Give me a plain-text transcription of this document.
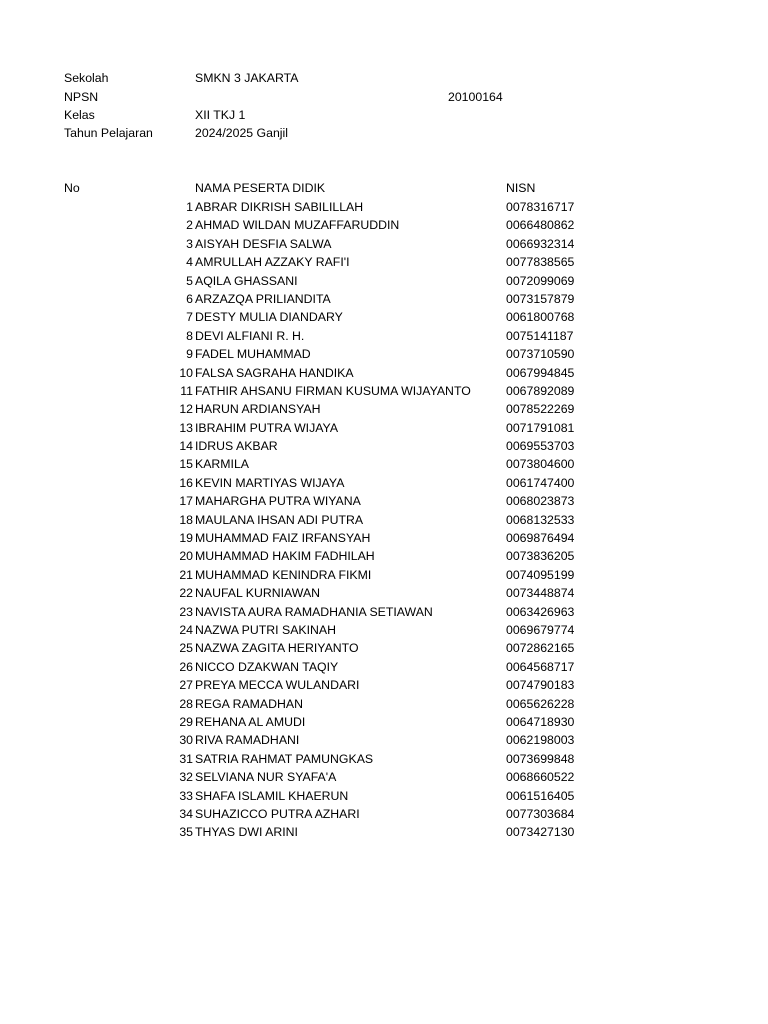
Sekolah	SMKN 3 JAKARTA
NPSN	20100164
Kelas	XII TKJ 1
Tahun Pelajaran	2024/2025 Ganjil
No	NAMA PESERTA DIDIK	NISN
1 ABRAR DIKRISH SABILILLAH	0078316717
2 AHMAD WILDAN MUZAFFARUDDIN	0066480862
3 AISYAH DESFIA SALWA	0066932314
4 AMRULLAH AZZAKY RAFI'I	0077838565
5 AQILA GHASSANI	0072099069
6 ARZAZQA PRILIANDITA	0073157879
7 DESTY MULIA DIANDARY	0061800768
8 DEVI ALFIANI R. H.	0075141187
9 FADEL MUHAMMAD	0073710590
10 FALSA SAGRAHA HANDIKA	0067994845
11 FATHIR AHSANU FIRMAN KUSUMA WIJAYANTO	0067892089
12 HARUN ARDIANSYAH	0078522269
13 IBRAHIM PUTRA WIJAYA	0071791081
14 IDRUS AKBAR	0069553703
15 KARMILA	0073804600
16 KEVIN MARTIYAS WIJAYA	0061747400
17 MAHARGHA PUTRA WIYANA	0068023873
18 MAULANA IHSAN ADI PUTRA	0068132533
19 MUHAMMAD FAIZ IRFANSYAH	0069876494
20 MUHAMMAD HAKIM FADHILAH	0073836205
21 MUHAMMAD KENINDRA FIKMI	0074095199
22 NAUFAL KURNIAWAN	0073448874
23 NAVISTA AURA RAMADHANIA SETIAWAN	0063426963
24 NAZWA PUTRI SAKINAH	0069679774
25 NAZWA ZAGITA HERIYANTO	0072862165
26 NICCO DZAKWAN TAQIY	0064568717
27 PREYA MECCA WULANDARI	0074790183
28 REGA RAMADHAN	0065626228
29 REHANA AL AMUDI	0064718930
30 RIVA RAMADHANI	0062198003
31 SATRIA RAHMAT PAMUNGKAS	0073699848
32 SELVIANA NUR SYAFA'A	0068660522
33 SHAFA ISLAMIL KHAERUN	0061516405
34 SUHAZICCO PUTRA AZHARI	0077303684
35 THYAS DWI ARINI	0073427130
